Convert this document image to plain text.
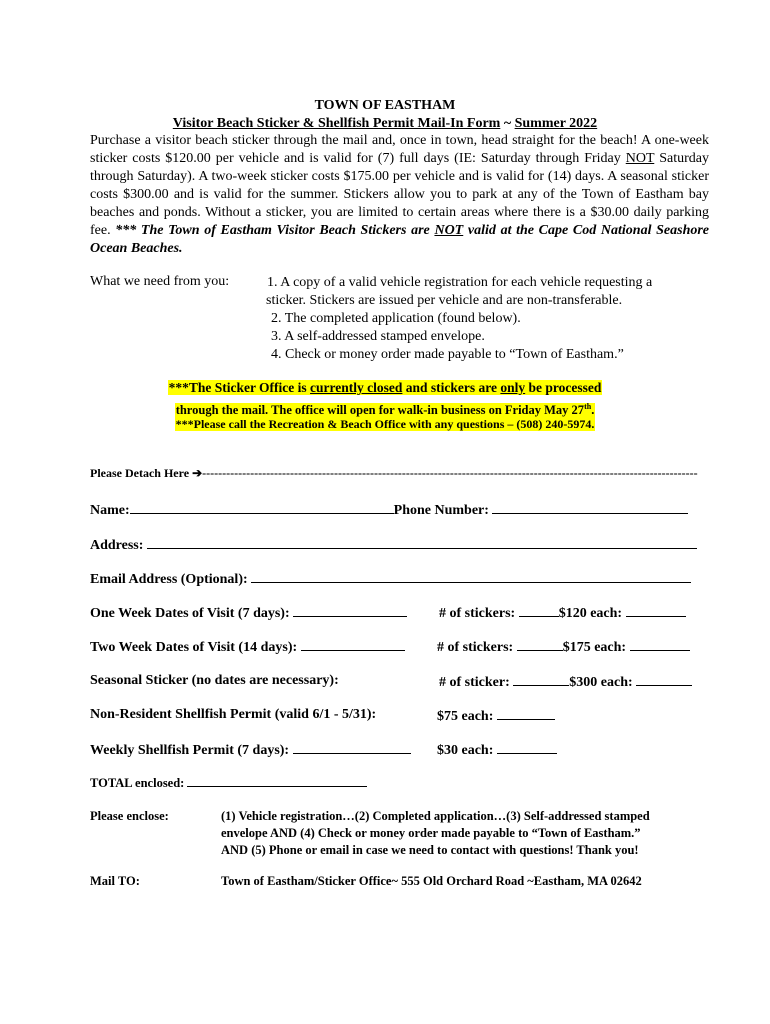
TOWN OF EASTHAM
Visitor Beach Sticker & Shellfish Permit Mail-In Form ~ Summer 2022

Purchase a visitor beach sticker through the mail and, once in town, head straight for the beach! A one-week sticker costs $120.00 per vehicle and is valid for (7) full days (IE: Saturday through Friday NOT Saturday through Saturday). A two-week sticker costs $175.00 per vehicle and is valid for (14) days. A seasonal sticker costs $300.00 and is valid for the summer. Stickers allow you to park at any of the Town of Eastham bay beaches and ponds. Without a sticker, you are limited to certain areas where there is a $30.00 daily parking fee. *** The Town of Eastham Visitor Beach Stickers are NOT valid at the Cape Cod National Seashore Ocean Beaches.

What we need from you:	1. A copy of a valid vehicle registration for each vehicle requesting a
sticker. Stickers are issued per vehicle and are non-transferable.
2. The completed application (found below).
3. A self-addressed stamped envelope.
4. Check or money order made payable to “Town of Eastham.”
***The Sticker Office is currently closed and stickers are only be processed
through the mail. The office will open for walk-in business on Friday May 27th.
***Please call the Recreation & Beach Office with any questions – (508) 240-5974.
Please Detach Here ➔----------------------------------------------------------------------------------------------------------------------------
Name:	Phone Number:
Address:
Email Address (Optional):
One Week Dates of Visit (7 days):	# of stickers:	$120 each:
Two Week Dates of Visit (14 days):	# of stickers:	$175 each:
Seasonal Sticker (no dates are necessary):	# of sticker:	$300 each:
Non-Resident Shellfish Permit (valid 6/1 - 5/31):	$75 each:
Weekly Shellfish Permit (7 days):	$30 each:
TOTAL enclosed:
Please enclose:	(1) Vehicle registration…(2) Completed application…(3) Self-addressed stamped
envelope AND (4) Check or money order made payable to “Town of Eastham.”
AND (5) Phone or email in case we need to contact with questions! Thank you!
Mail TO:	Town of Eastham/Sticker Office~ 555 Old Orchard Road ~Eastham, MA 02642
